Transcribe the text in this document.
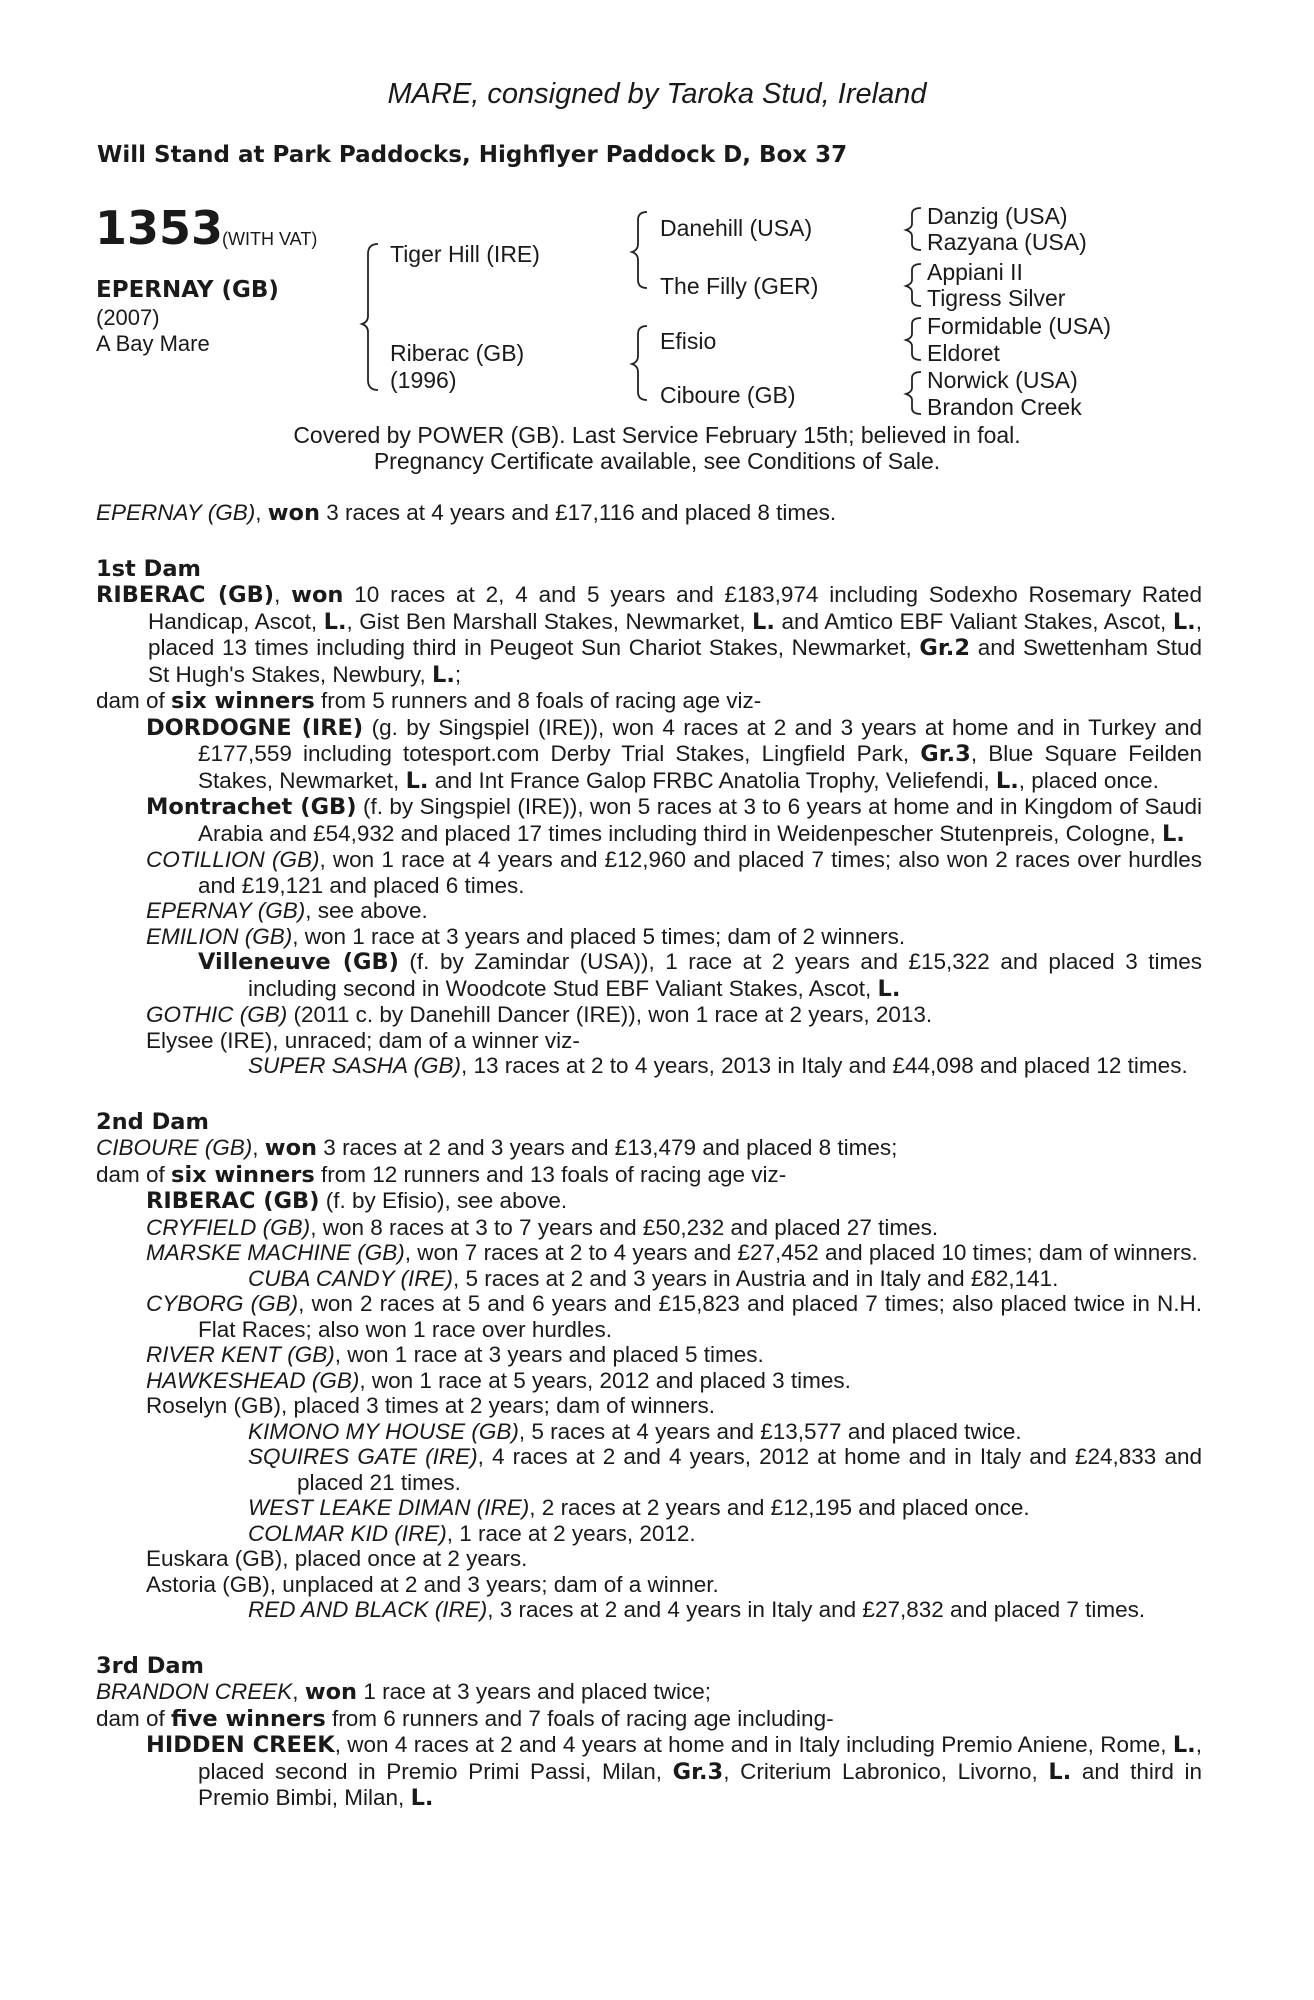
MARE, consigned by Taroka Stud, Ireland
Will Stand at Park Paddocks, Highflyer Paddock D, Box 37
1353
(WITH VAT)
EPERNAY (GB)
(2007)
A Bay Mare
Tiger Hill (IRE)
Riberac (GB)
(1996)
Danehill (USA)
The Filly (GER)
Efisio
Ciboure (GB)
Danzig (USA)
Razyana (USA)
Appiani II
Tigress Silver
Formidable (USA)
Eldoret
Norwick (USA)
Brandon Creek
Covered by POWER (GB). Last Service February 15th; believed in foal.
Pregnancy Certificate available, see Conditions of Sale.

EPERNAY (GB), won 3 races at 4 years and £17,116 and placed 8 times.

1st Dam

RIBERAC (GB), won 10 races at 2, 4 and 5 years and £183,974 including Sodexho Rosemary Rated Handicap, Ascot, L., Gist Ben Marshall Stakes, Newmarket, L. and Amtico EBF Valiant Stakes, Ascot, L., placed 13 times including third in Peugeot Sun Chariot Stakes, Newmarket, Gr.2 and Swettenham Stud St Hugh's Stakes, Newbury, L.;

dam of six winners from 5 runners and 8 foals of racing age viz-

DORDOGNE (IRE) (g. by Singspiel (IRE)), won 4 races at 2 and 3 years at home and in Turkey and £177,559 including totesport.com Derby Trial Stakes, Lingfield Park, Gr.3, Blue Square Feilden Stakes, Newmarket, L. and Int France Galop FRBC Anatolia Trophy, Veliefendi, L., placed once.

Montrachet (GB) (f. by Singspiel (IRE)), won 5 races at 3 to 6 years at home and in Kingdom of Saudi Arabia and £54,932 and placed 17 times including third in Weidenpescher Stutenpreis, Cologne, L.

COTILLION (GB), won 1 race at 4 years and £12,960 and placed 7 times; also won 2 races over hurdles and £19,121 and placed 6 times.

EPERNAY (GB), see above.

EMILION (GB), won 1 race at 3 years and placed 5 times; dam of 2 winners.

Villeneuve (GB) (f. by Zamindar (USA)), 1 race at 2 years and £15,322 and placed 3 times including second in Woodcote Stud EBF Valiant Stakes, Ascot, L.

GOTHIC (GB) (2011 c. by Danehill Dancer (IRE)), won 1 race at 2 years, 2013.

Elysee (IRE), unraced; dam of a winner viz-

SUPER SASHA (GB), 13 races at 2 to 4 years, 2013 in Italy and £44,098 and placed 12 times.

2nd Dam

CIBOURE (GB), won 3 races at 2 and 3 years and £13,479 and placed 8 times;

dam of six winners from 12 runners and 13 foals of racing age viz-

RIBERAC (GB) (f. by Efisio), see above.

CRYFIELD (GB), won 8 races at 3 to 7 years and £50,232 and placed 27 times.

MARSKE MACHINE (GB), won 7 races at 2 to 4 years and £27,452 and placed 10 times; dam of winners.

CUBA CANDY (IRE), 5 races at 2 and 3 years in Austria and in Italy and £82,141.

CYBORG (GB), won 2 races at 5 and 6 years and £15,823 and placed 7 times; also placed twice in N.H. Flat Races; also won 1 race over hurdles.

RIVER KENT (GB), won 1 race at 3 years and placed 5 times.

HAWKESHEAD (GB), won 1 race at 5 years, 2012 and placed 3 times.

Roselyn (GB), placed 3 times at 2 years; dam of winners.

KIMONO MY HOUSE (GB), 5 races at 4 years and £13,577 and placed twice.

SQUIRES GATE (IRE), 4 races at 2 and 4 years, 2012 at home and in Italy and £24,833 and placed 21 times.

WEST LEAKE DIMAN (IRE), 2 races at 2 years and £12,195 and placed once.

COLMAR KID (IRE), 1 race at 2 years, 2012.

Euskara (GB), placed once at 2 years.

Astoria (GB), unplaced at 2 and 3 years; dam of a winner.

RED AND BLACK (IRE), 3 races at 2 and 4 years in Italy and £27,832 and placed 7 times.

3rd Dam

BRANDON CREEK, won 1 race at 3 years and placed twice;

dam of five winners from 6 runners and 7 foals of racing age including-

HIDDEN CREEK, won 4 races at 2 and 4 years at home and in Italy including Premio Aniene, Rome, L., placed second in Premio Primi Passi, Milan, Gr.3, Criterium Labronico, Livorno, L. and third in Premio Bimbi, Milan, L.
